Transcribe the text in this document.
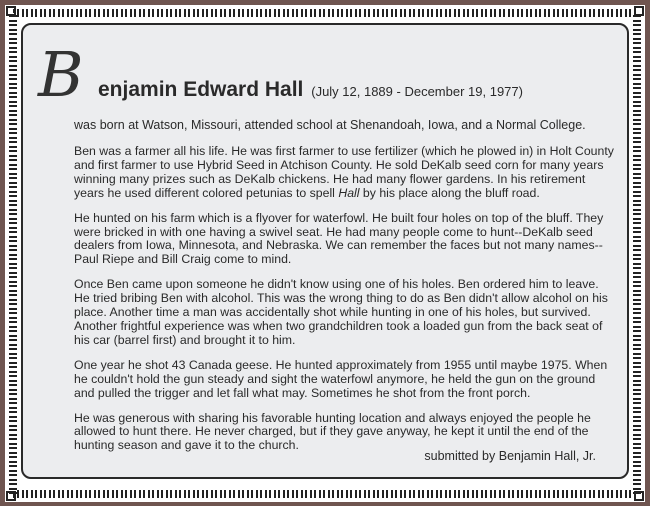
B enjamin Edward Hall (July 12, 1889 - December 19, 1977)
was born at Watson, Missouri, attended school at Shenandoah, Iowa, and a Normal College.

Ben was a farmer all his life. He was first farmer to use fertilizer (which he plowed in) in Holt County and first farmer to use Hybrid Seed in Atchison County. He sold DeKalb seed corn for many years winning many prizes such as DeKalb chickens. He had many flower gardens. In his retirement years he used different colored petunias to spell Hall by his place along the bluff road.

He hunted on his farm which is a flyover for waterfowl. He built four holes on top of the bluff. They were bricked in with one having a swivel seat. He had many people come to hunt--DeKalb seed dealers from Iowa, Minnesota, and Nebraska. We can remember the faces but not many names--Paul Riepe and Bill Craig come to mind.

Once Ben came upon someone he didn't know using one of his holes. Ben ordered him to leave. He tried bribing Ben with alcohol. This was the wrong thing to do as Ben didn't allow alcohol on his place. Another time a man was accidentally shot while hunting in one of his holes, but survived. Another frightful experience was when two grandchildren took a loaded gun from the back seat of his car (barrel first) and brought it to him.

One year he shot 43 Canada geese. He hunted approximately from 1955 until maybe 1975. When he couldn't hold the gun steady and sight the waterfowl anymore, he held the gun on the ground and pulled the trigger and let fall what may. Sometimes he shot from the front porch.

He was generous with sharing his favorable hunting location and always enjoyed the people he allowed to hunt there. He never charged, but if they gave anyway, he kept it until the end of the hunting season and gave it to the church.

submitted by Benjamin Hall, Jr.
